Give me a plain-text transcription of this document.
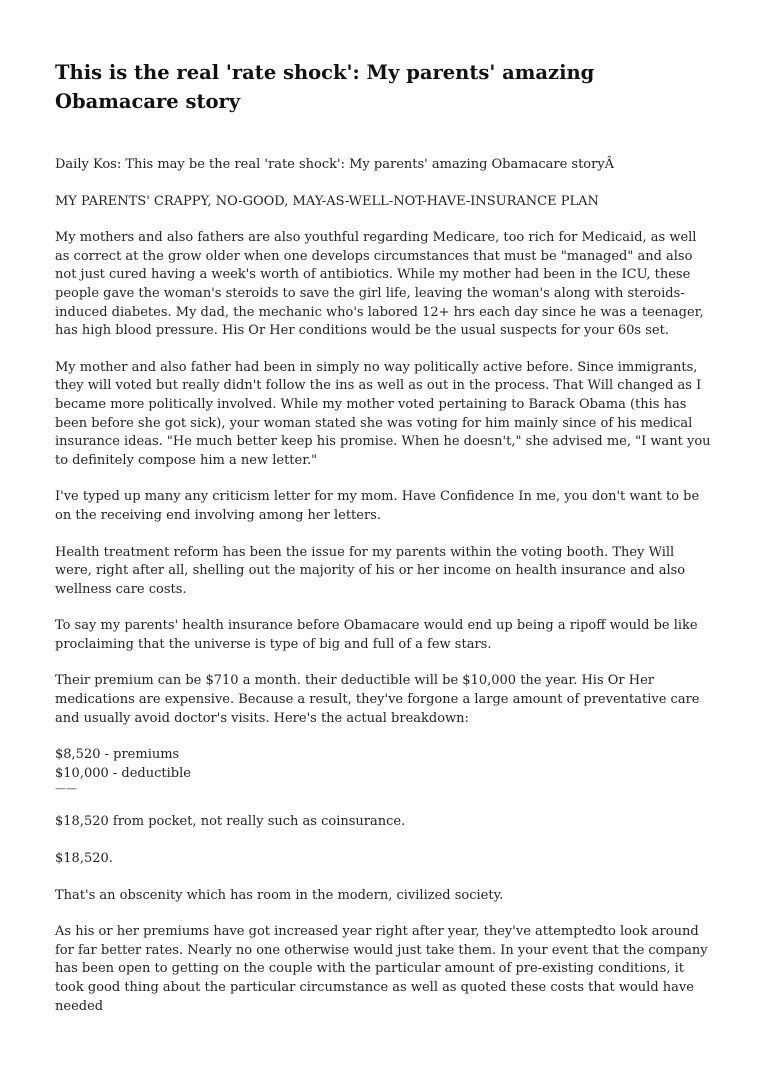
This is the real 'rate shock': My parents' amazing Obamacare story

Daily Kos: This may be the real 'rate shock': My parents' amazing Obamacare storyÂ

MY PARENTS' CRAPPY, NO-GOOD, MAY-AS-WELL-NOT-HAVE-INSURANCE PLAN

My mothers and also fathers are also youthful regarding Medicare, too rich for Medicaid, as well as correct at the grow older when one develops circumstances that must be "managed" and also not just cured having a week's worth of antibiotics. While my mother had been in the ICU, these people gave the woman's steroids to save the girl life, leaving the woman's along with steroids-induced diabetes. My dad, the mechanic who's labored 12+ hrs each day since he was a teenager, has high blood pressure. His Or Her conditions would be the usual suspects for your 60s set.

My mother and also father had been in simply no way politically active before. Since immigrants, they will voted but really didn't follow the ins as well as out in the process. That Will changed as I became more politically involved. While my mother voted pertaining to Barack Obama (this has been before she got sick), your woman stated she was voting for him mainly since of his medical insurance ideas. "He much better keep his promise. When he doesn't," she advised me, "I want you to definitely compose him a new letter."

I've typed up many any criticism letter for my mom. Have Confidence In me, you don't want to be on the receiving end involving among her letters.

Health treatment reform has been the issue for my parents within the voting booth. They Will were, right after all, shelling out the majority of his or her income on health insurance and also wellness care costs.

To say my parents' health insurance before Obamacare would end up being a ripoff would be like proclaiming that the universe is type of big and full of a few stars.

Their premium can be $710 a month. their deductible will be $10,000 the year. His Or Her medications are expensive. Because a result, they've forgone a large amount of preventative care and usually avoid doctor's visits. Here's the actual breakdown:

$8,520 - premiums

$10,000 - deductible

——

$18,520 from pocket, not really such as coinsurance.

$18,520.

That's an obscenity which has room in the modern, civilized society.

As his or her premiums have got increased year right after year, they've attemptedto look around for far better rates. Nearly no one otherwise would just take them. In your event that the company has been open to getting on the couple with the particular amount of pre-existing conditions, it took good thing about the particular circumstance as well as quoted these costs that would have needed
